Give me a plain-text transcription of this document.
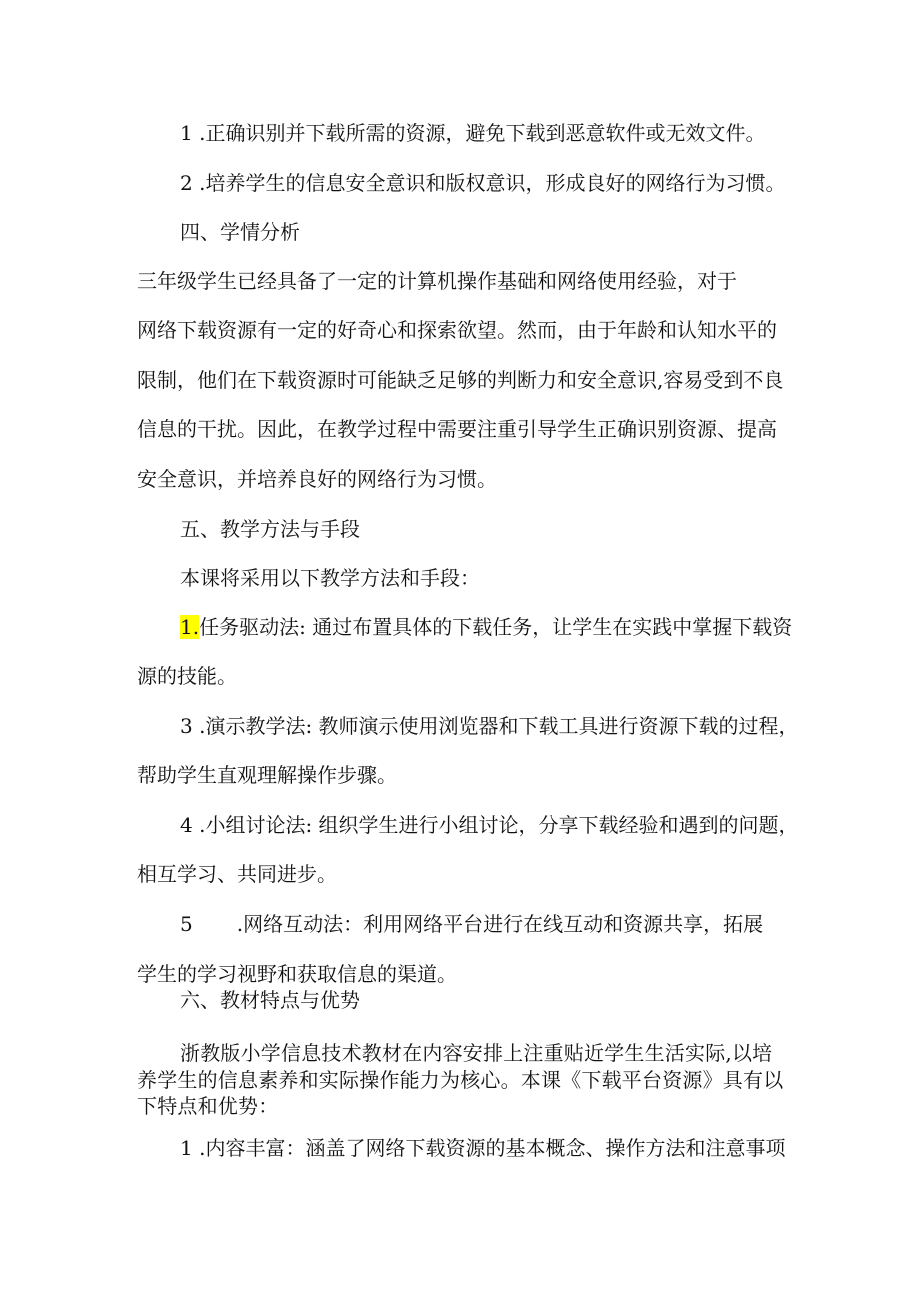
1 .正确识别并下载所需的资源，避免下载到恶意软件或无效文件。
2 .培养学生的信息安全意识和版权意识，形成良好的网络行为习惯。
四、学情分析
三年级学生已经具备了一定的计算机操作基础和网络使用经验，对于
网络下载资源有一定的好奇心和探索欲望。然而，由于年龄和认知水平的
限制，他们在下载资源时可能缺乏足够的判断力和安全意识,容易受到不良
信息的干扰。因此，在教学过程中需要注重引导学生正确识别资源、提高
安全意识，并培养良好的网络行为习惯。
五、教学方法与手段
本课将采用以下教学方法和手段：
1.任务驱动法: 通过布置具体的下载任务，让学生在实践中掌握下载资
源的技能。
3 .演示教学法: 教师演示使用浏览器和下载工具进行资源下载的过程，
帮助学生直观理解操作步骤。
4 .小组讨论法: 组织学生进行小组讨论，分享下载经验和遇到的问题，
相互学习、共同进步。
5 .网络互动法：利用网络平台进行在线互动和资源共享，拓展
学生的学习视野和获取信息的渠道。
六、教材特点与优势
浙教版小学信息技术教材在内容安排上注重贴近学生生活实际,以培
养学生的信息素养和实际操作能力为核心。本课《下载平台资源》具有以
下特点和优势：
1 .内容丰富：涵盖了网络下载资源的基本概念、操作方法和注意事项
